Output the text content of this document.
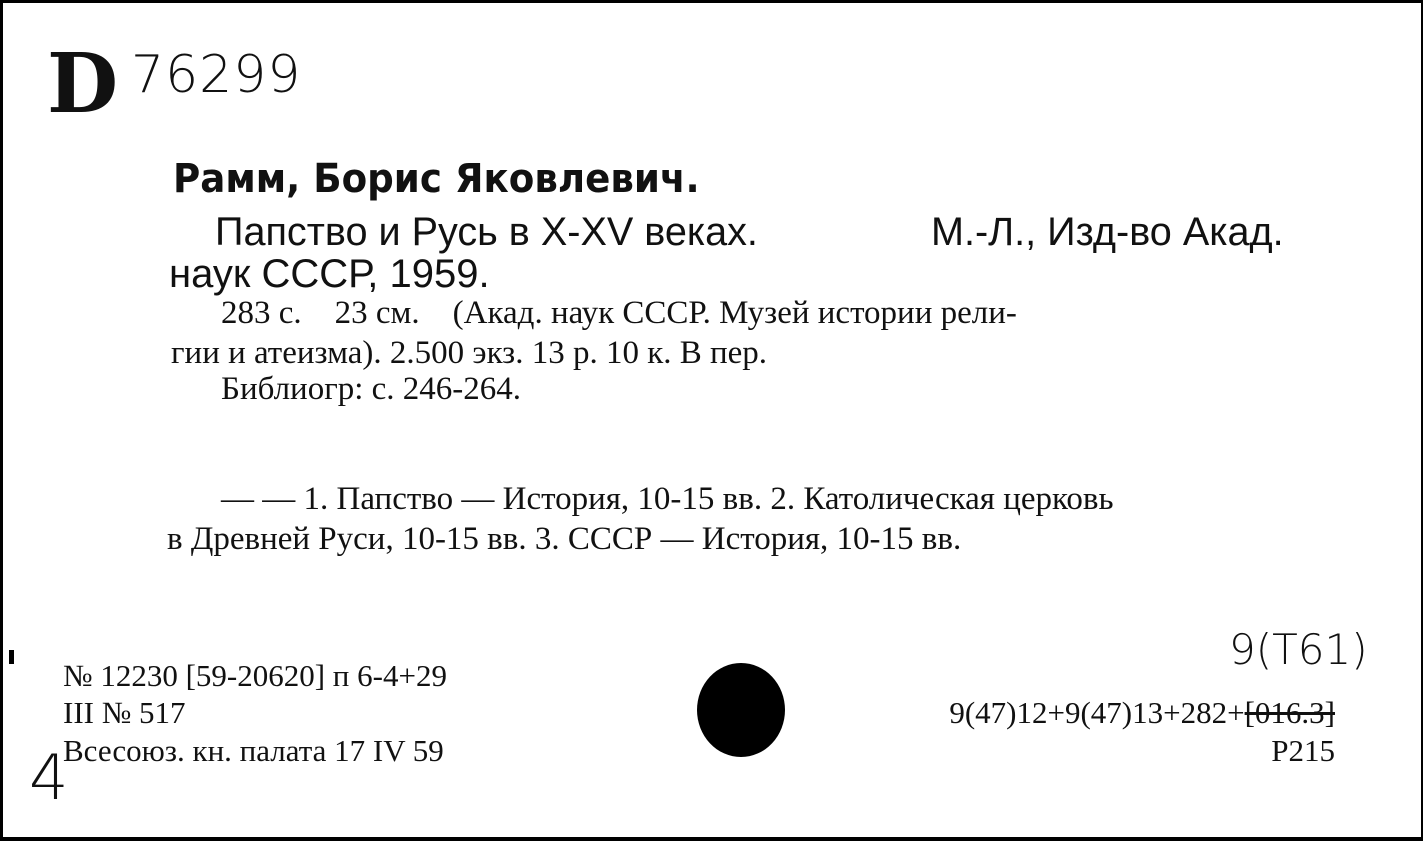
D 76299
Рамм, Борис Яковлевич.
Папство и Русь в X-XV веках.	М.-Л., Изд-во Акад.
наук СССР, 1959.
283 с.    23 см.    (Акад. наук СССР. Музей истории рели-
гии и атеизма). 2.500 экз. 13 р. 10 к. В пер.
Библиогр: с. 246-264.
— — 1. Папство — История, 10-15 вв. 2. Католическая церковь
в Древней Руси, 10-15 вв. 3. СССР — История, 10-15 вв.
№ 12230 [59-20620] п 6-4+29
III № 517
Всесоюз. кн. палата 17 IV 59
9(Т61)
9(47)12+9(47)13+282+[016.3]
Р215
4
